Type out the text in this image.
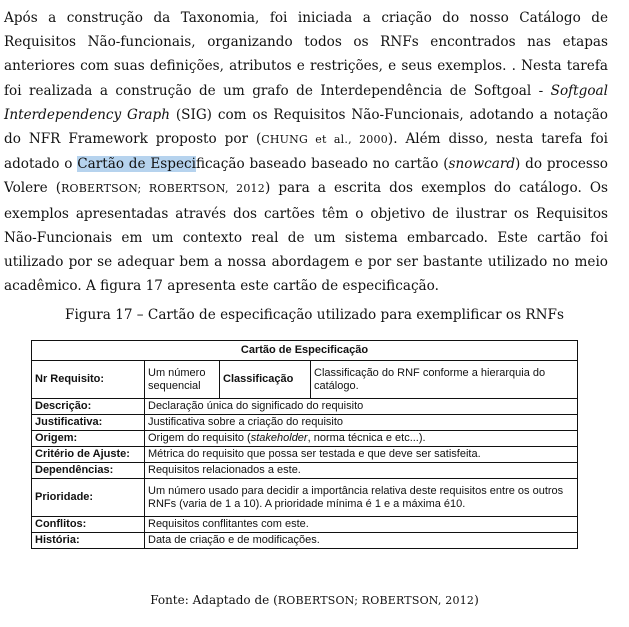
Após a construção da Taxonomia, foi iniciada a criação do nosso Catálogo de Requisitos Não-funcionais, organizando todos os RNFs encontrados nas etapas anteriores com suas definições, atributos e restrições, e seus exemplos. . Nesta tarefa foi realizada a construção de um grafo de Interdependência de Softgoal - Softgoal Interdependency Graph (SIG) com os Requisitos Não-Funcionais, adotando a notação do NFR Framework proposto por (CHUNG et al., 2000). Além disso, nesta tarefa foi adotado o Cartão de Especificação baseado baseado no cartão (snowcard) do processo Volere (ROBERTSON; ROBERTSON, 2012) para a escrita dos exemplos do catálogo. Os exemplos apresentadas através dos cartões têm o objetivo de ilustrar os Requisitos Não-Funcionais em um contexto real de um sistema embarcado. Este cartão foi utilizado por se adequar bem a nossa abordagem e por ser bastante utilizado no meio acadêmico. A figura 17 apresenta este cartão de especificação.

Figura 17 – Cartão de especificação utilizado para exemplificar os RNFs
Cartão de Especificação			
Nr Requisito:	Um número sequencial	Classificação	Classificação do RNF conforme a hierarquia do catálogo.
Descrição:	Declaração única do significado do requisito		
Justificativa:	Justificativa sobre a criação do requisito		
Origem:	Origem do requisito (stakeholder, norma técnica e etc...).		
Critério de Ajuste:	Métrica do requisito que possa ser testada e que deve ser satisfeita.		
Dependências:	Requisitos relacionados a este.		
Prioridade:	Um número usado para decidir a importância relativa deste requisitos entre os outros RNFs (varia de 1 a 10). A prioridade mínima é 1 e a máxima é10.		
Conflitos:	Requisitos conflitantes com este.		
História:	Data de criação e de modificações.		
Fonte: Adaptado de (ROBERTSON; ROBERTSON, 2012)
